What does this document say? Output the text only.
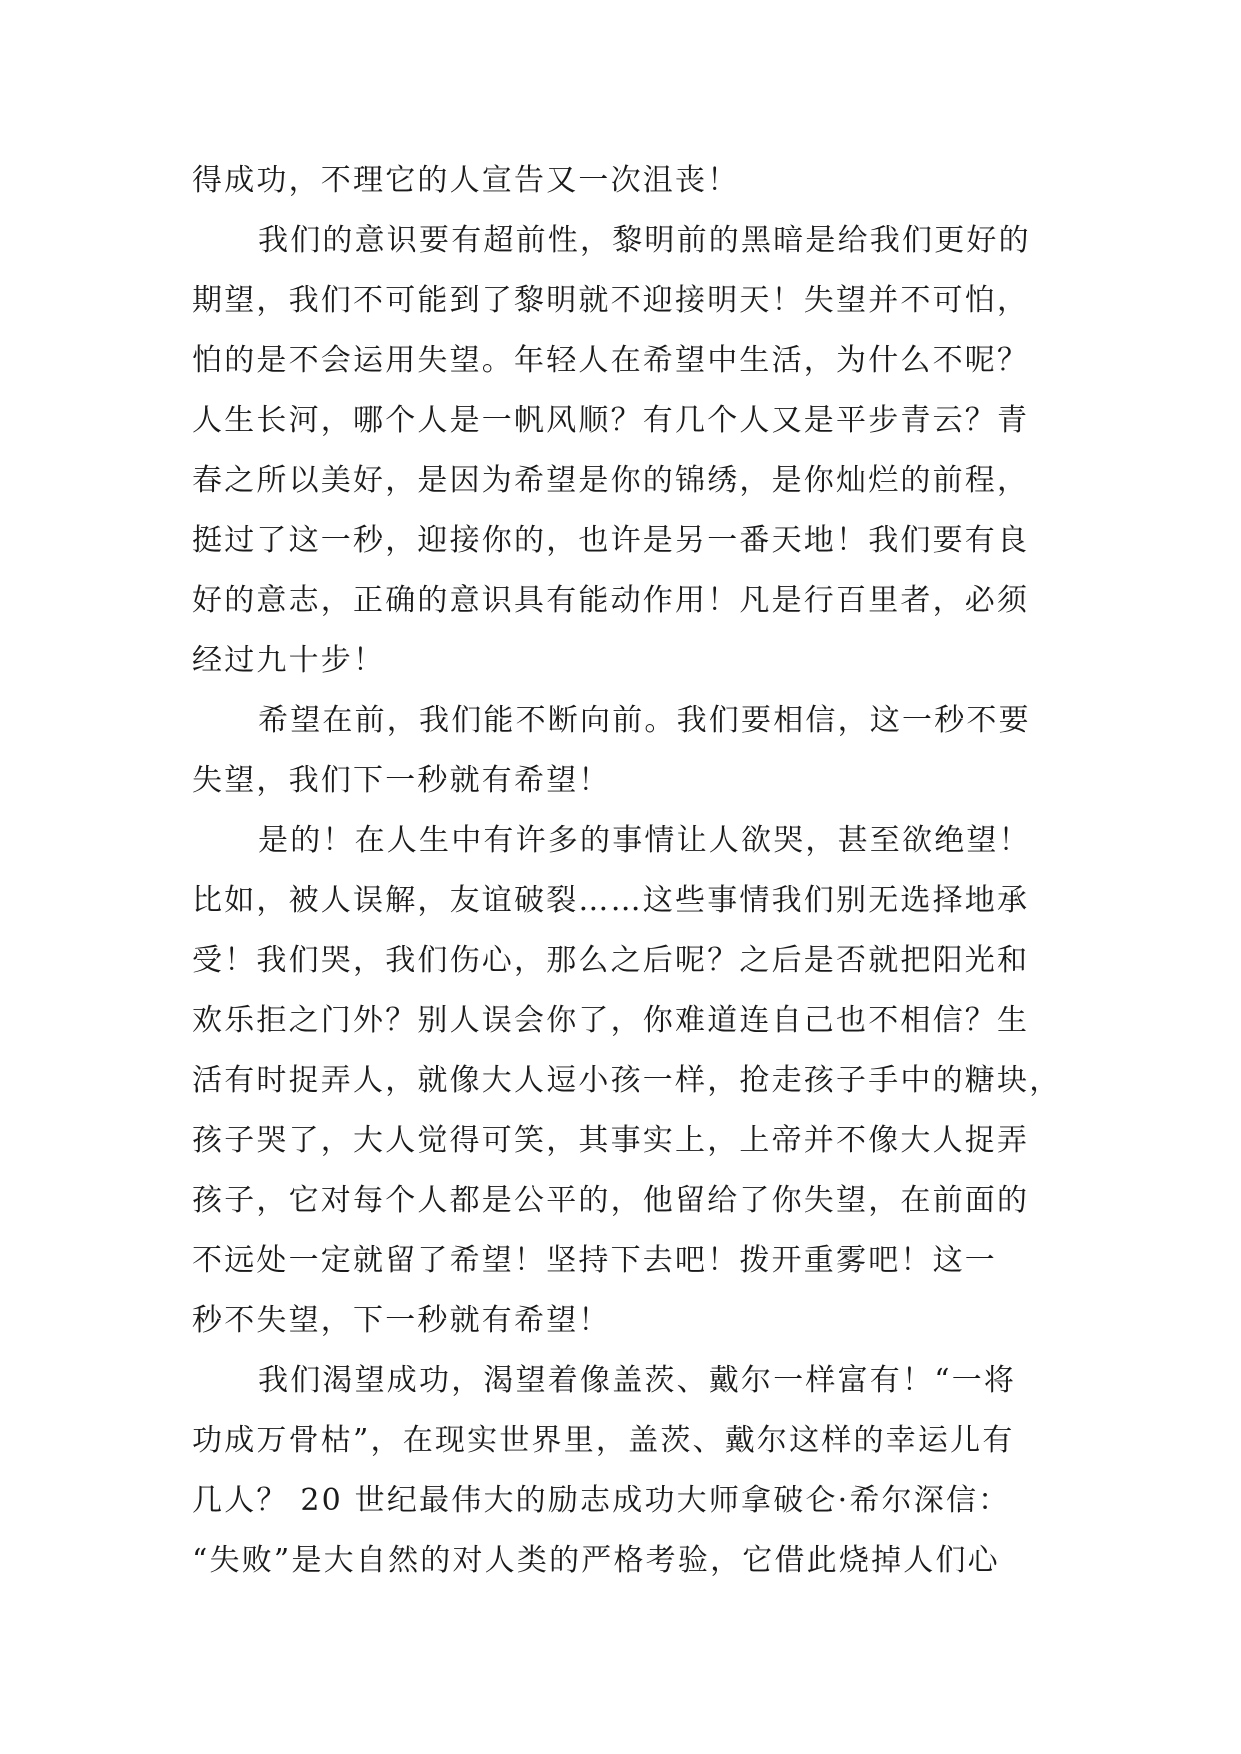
得成功，不理它的人宣告又一次沮丧！
我们的意识要有超前性，黎明前的黑暗是给我们更好的
期望，我们不可能到了黎明就不迎接明天！失望并不可怕，
怕的是不会运用失望。年轻人在希望中生活，为什么不呢？
人生长河，哪个人是一帆风顺？有几个人又是平步青云？青
春之所以美好，是因为希望是你的锦绣，是你灿烂的前程，
挺过了这一秒，迎接你的，也许是另一番天地！我们要有良
好的意志，正确的意识具有能动作用！凡是行百里者，必须
经过九十步！
希望在前，我们能不断向前。我们要相信，这一秒不要
失望，我们下一秒就有希望！
是的！在人生中有许多的事情让人欲哭，甚至欲绝望！
比如，被人误解，友谊破裂……这些事情我们别无选择地承
受！我们哭，我们伤心，那么之后呢？之后是否就把阳光和
欢乐拒之门外？别人误会你了，你难道连自己也不相信？生
活有时捉弄人，就像大人逗小孩一样，抢走孩子手中的糖块，
孩子哭了，大人觉得可笑，其事实上，上帝并不像大人捉弄
孩子，它对每个人都是公平的，他留给了你失望，在前面的
不远处一定就留了希望！坚持下去吧！拨开重雾吧！这一
秒不失望，下一秒就有希望！
我们渴望成功，渴望着像盖茨、戴尔一样富有！“一将
功成万骨枯”，在现实世界里，盖茨、戴尔这样的幸运儿有
几人？ 20 世纪最伟大的励志成功大师拿破仑·希尔深信：
“失败”是大自然的对人类的严格考验，它借此烧掉人们心
